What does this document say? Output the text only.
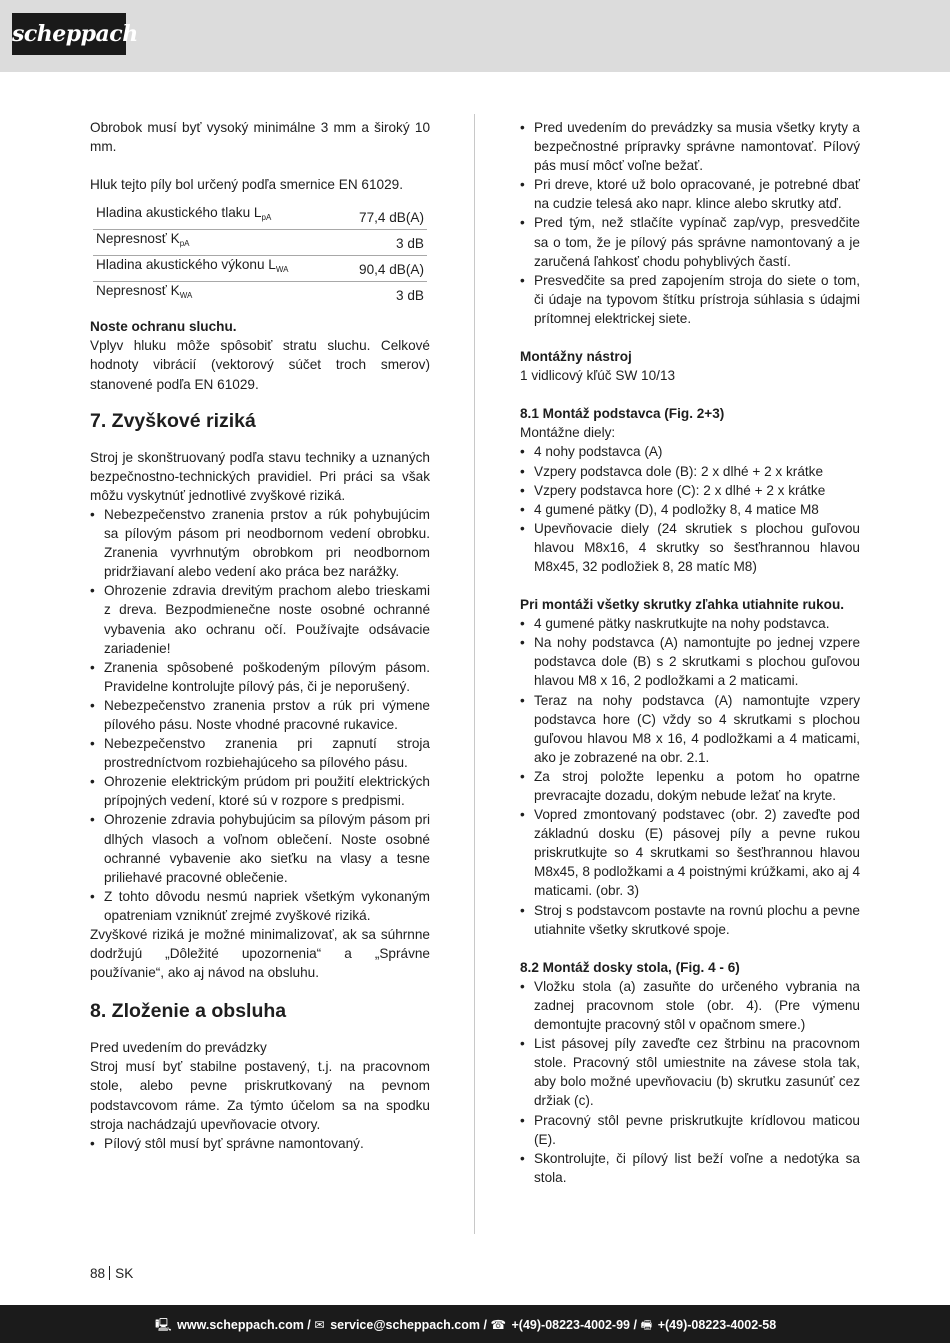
scheppach

Obrobok musí byť vysoký minimálne 3 mm a široký 10 mm.

Hluk tejto píly bol určený podľa smernice EN 61029.

Hladina akustického tlaku $L_{pA}$	77,4 dB(A)
Nepresnosť $K_{pA}$	3 dB
Hladina akustického výkonu $L_{WA}$	90,4 dB(A)
Nepresnosť $K_{WA}$	3 dB

Noste ochranu sluchu.

Vplyv hluku môže spôsobiť stratu sluchu. Celkové hodnoty vibrácií (vektorový súčet troch smerov) stanovené podľa EN 61029.

7. Zvyškové riziká

Stroj je skonštruovaný podľa stavu techniky a uznaných bezpečnostno-technických pravidiel. Pri práci sa však môžu vyskytnúť jednotlivé zvyškové riziká.

• Nebezpečenstvo zranenia prstov a rúk pohybujúcim sa pílovým pásom pri neodbornom vedení obrobku. Zranenia vyvrhnutým obrobkom pri neodbornom pridržiavaní alebo vedení ako práca bez narážky.
• Ohrozenie zdravia drevitým prachom alebo trieskami z dreva. Bezpodmienečne noste osobné ochranné vybavenia ako ochranu očí. Používajte odsávacie zariadenie!
• Zranenia spôsobené poškodeným pílovým pásom. Pravidelne kontrolujte pílový pás, či je neporušený.
• Nebezpečenstvo zranenia prstov a rúk pri výmene pílového pásu. Noste vhodné pracovné rukavice.
• Nebezpečenstvo zranenia pri zapnutí stroja prostredníctvom rozbiehajúceho sa pílového pásu.
• Ohrozenie elektrickým prúdom pri použití elektrických prípojných vedení, ktoré sú v rozpore s predpismi.
• Ohrozenie zdravia pohybujúcim sa pílovým pásom pri dlhých vlasoch a voľnom oblečení. Noste osobné ochranné vybavenie ako sieťku na vlasy a tesne priliehavé pracovné oblečenie.
• Z tohto dôvodu nesmú napriek všetkým vykonaným opatreniam vzniknúť zrejmé zvyškové riziká.

Zvyškové riziká je možné minimalizovať, ak sa súhrnne dodržujú „Dôležité upozornenia“ a „Správne používanie“, ako aj návod na obsluhu.

8. Zloženie a obsluha

Pred uvedením do prevádzky

Stroj musí byť stabilne postavený, t.j. na pracovnom stole, alebo pevne priskrutkovaný na pevnom podstavcovom ráme. Za týmto účelom sa na spodku stroja nachádzajú upevňovacie otvory.

• Pílový stôl musí byť správne namontovaný.
• Pred uvedením do prevádzky sa musia všetky kryty a bezpečnostné prípravky správne namontovať. Pílový pás musí môcť voľne bežať.
• Pri dreve, ktoré už bolo opracované, je potrebné dbať na cudzie telesá ako napr. klince alebo skrutky atď.
• Pred tým, než stlačíte vypínač zap/vyp, presvedčite sa o tom, že je pílový pás správne namontovaný a je zaručená ľahkosť chodu pohyblivých častí.
• Presvedčite sa pred zapojením stroja do siete o tom, či údaje na typovom štítku prístroja súhlasia s údajmi prítomnej elektrickej siete.

Montážny nástroj

1 vidlicový kľúč SW 10/13

8.1 Montáž podstavca (Fig. 2+3)

Montážne diely:

• 4 nohy podstavca (A)
• Vzpery podstavca dole (B): 2 x dlhé + 2 x krátke
• Vzpery podstavca hore (C): 2 x dlhé + 2 x krátke
• 4 gumené pätky (D), 4 podložky 8, 4 matice M8
• Upevňovacie diely (24 skrutiek s plochou guľovou hlavou M8x16, 4 skrutky so šesťhrannou hlavou M8x45, 32 podložiek 8, 28 matíc M8)

Pri montáži všetky skrutky zľahka utiahnite rukou.

• 4 gumené pätky naskrutkujte na nohy podstavca.
• Na nohy podstavca (A) namontujte po jednej vzpere podstavca dole (B) s 2 skrutkami s plochou guľovou hlavou M8 x 16, 2 podložkami a 2 maticami.
• Teraz na nohy podstavca (A) namontujte vzpery podstavca hore (C) vždy so 4 skrutkami s plochou guľovou hlavou M8 x 16, 4 podložkami a 4 maticami, ako je zobrazené na obr. 2.1.
• Za stroj položte lepenku a potom ho opatrne prevracajte dozadu, dokým nebude ležať na kryte.
• Vopred zmontovaný podstavec (obr. 2) zaveďte pod základnú dosku (E) pásovej píly a pevne rukou priskrutkujte so 4 skrutkami so šesťhrannou hlavou M8x45, 8 podložkami a 4 poistnými krúžkami, ako aj 4 maticami. (obr. 3)
• Stroj s podstavcom postavte na rovnú plochu a pevne utiahnite všetky skrutkové spoje.

8.2 Montáž dosky stola, (Fig. 4 - 6)

• Vložku stola (a) zasuňte do určeného vybrania na zadnej pracovnom stole (obr. 4). (Pre výmenu demontujte pracovný stôl v opačnom smere.)
• List pásovej píly zaveďte cez štrbinu na pracovnom stole. Pracovný stôl umiestnite na závese stola tak, aby bolo možné upevňovaciu (b) skrutku zasunúť cez držiak (c).
• Pracovný stôl pevne priskrutkujte krídlovou maticou (E).
• Skontrolujte, či pílový list beží voľne a nedotýka sa stola.
88 SK
🖳 www.scheppach.com / ✉ service@scheppach.com / ☎ +(49)-08223-4002-99 / 🖷 +(49)-08223-4002-58
